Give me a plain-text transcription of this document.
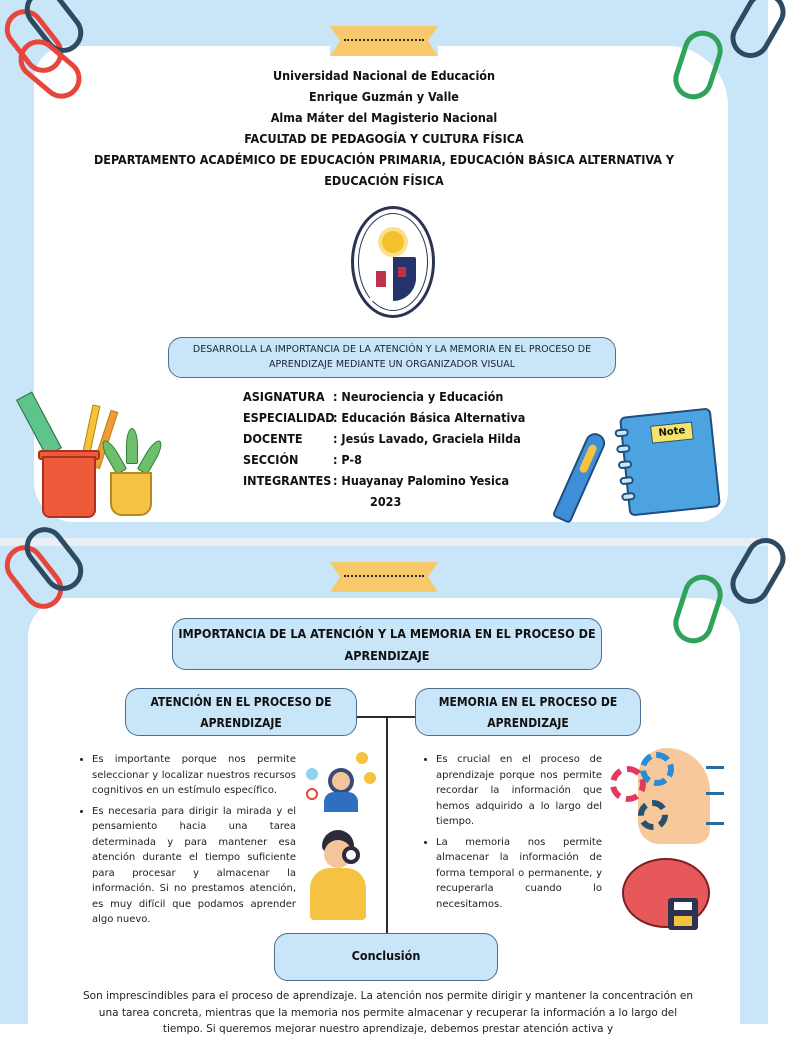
Universidad Nacional de Educación
Enrique Guzmán y Valle
Alma Máter del Magisterio Nacional
FACULTAD DE PEDAGOGÍA Y CULTURA FÍSICA
DEPARTAMENTO ACADÉMICO DE EDUCACIÓN PRIMARIA, EDUCACIÓN BÁSICA ALTERNATIVA Y
EDUCACIÓN FÍSICA
DESARROLLA LA IMPORTANCIA DE LA ATENCIÓN Y LA MEMORIA EN EL PROCESO DE APRENDIZAJE MEDIANTE UN ORGANIZADOR VISUAL
ASIGNATURA : Neurociencia y Educación
ESPECIALIDAD
: Educación Básica Alternativa
DOCENTE : Jesús Lavado, Graciela Hilda
SECCIÓN	: P-8
INTEGRANTES : Huayanay Palomino Yesica
2023
Note
IMPORTANCIA DE LA ATENCIÓN Y LA MEMORIA EN EL PROCESO DE APRENDIZAJE
ATENCIÓN EN EL PROCESO DE APRENDIZAJE
MEMORIA EN EL PROCESO DE APRENDIZAJE
• Es importante porque nos permite seleccionar y localizar nuestros recursos cognitivos en un estímulo específico.
• Es necesaria para dirigir la mirada y el pensamiento hacia una tarea determinada y para mantener esa atención durante el tiempo suficiente para procesar y almacenar la información. Si no prestamos atención, es muy difícil que podamos aprender algo nuevo.
• Es crucial en el proceso de aprendizaje porque nos permite recordar la información que hemos adquirido a lo largo del tiempo.
• La memoria nos permite almacenar la información de forma temporal o permanente, y recuperarla cuando lo necesitamos.
Conclusión

Son imprescindibles para el proceso de aprendizaje. La atención nos permite dirigir y mantener la concentración en una tarea concreta, mientras que la memoria nos permite almacenar y recuperar la información a lo largo del tiempo. Si queremos mejorar nuestro aprendizaje, debemos prestar atención activa y
